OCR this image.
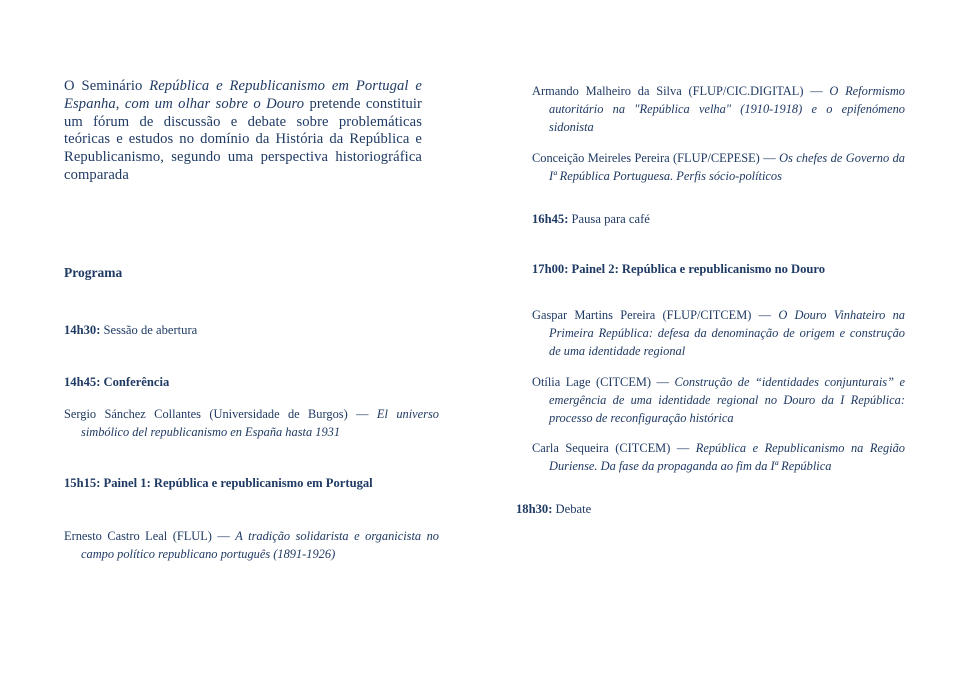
O Seminário República e Republicanismo em Portugal e Espanha, com um olhar sobre o Douro pretende constituir um fórum de discussão e debate sobre problemáticas teóricas e estudos no domínio da História da República e Republicanismo, segundo uma perspectiva historiográfica comparada

Programa

14h30: Sessão de abertura

14h45: Conferência

Sergio Sánchez Collantes (Universidade de Burgos) — El universo simbólico del republicanismo en España hasta 1931

15h15: Painel 1: República e republicanismo em Portugal

Ernesto Castro Leal (FLUL) — A tradição solidarista e organicista no campo político republicano português (1891-1926)

Armando Malheiro da Silva (FLUP/CIC.DIGITAL) — O Reformismo autoritário na "República velha" (1910-1918) e o epifenómeno sidonista

Conceição Meireles Pereira (FLUP/CEPESE) — Os chefes de Governo da Iª República Portuguesa. Perfis sócio-políticos

16h45: Pausa para café

17h00: Painel 2: República e republicanismo no Douro

Gaspar Martins Pereira (FLUP/CITCEM) — O Douro Vinhateiro na Primeira República: defesa da denominação de origem e construção de uma identidade regional

Otília Lage (CITCEM) — Construção de “identidades conjunturais” e emergência de uma identidade regional no Douro da I República: processo de reconfiguração histórica

Carla Sequeira (CITCEM) — República e Republicanismo na Região Duriense. Da fase da propaganda ao fim da Iª República

18h30: Debate
